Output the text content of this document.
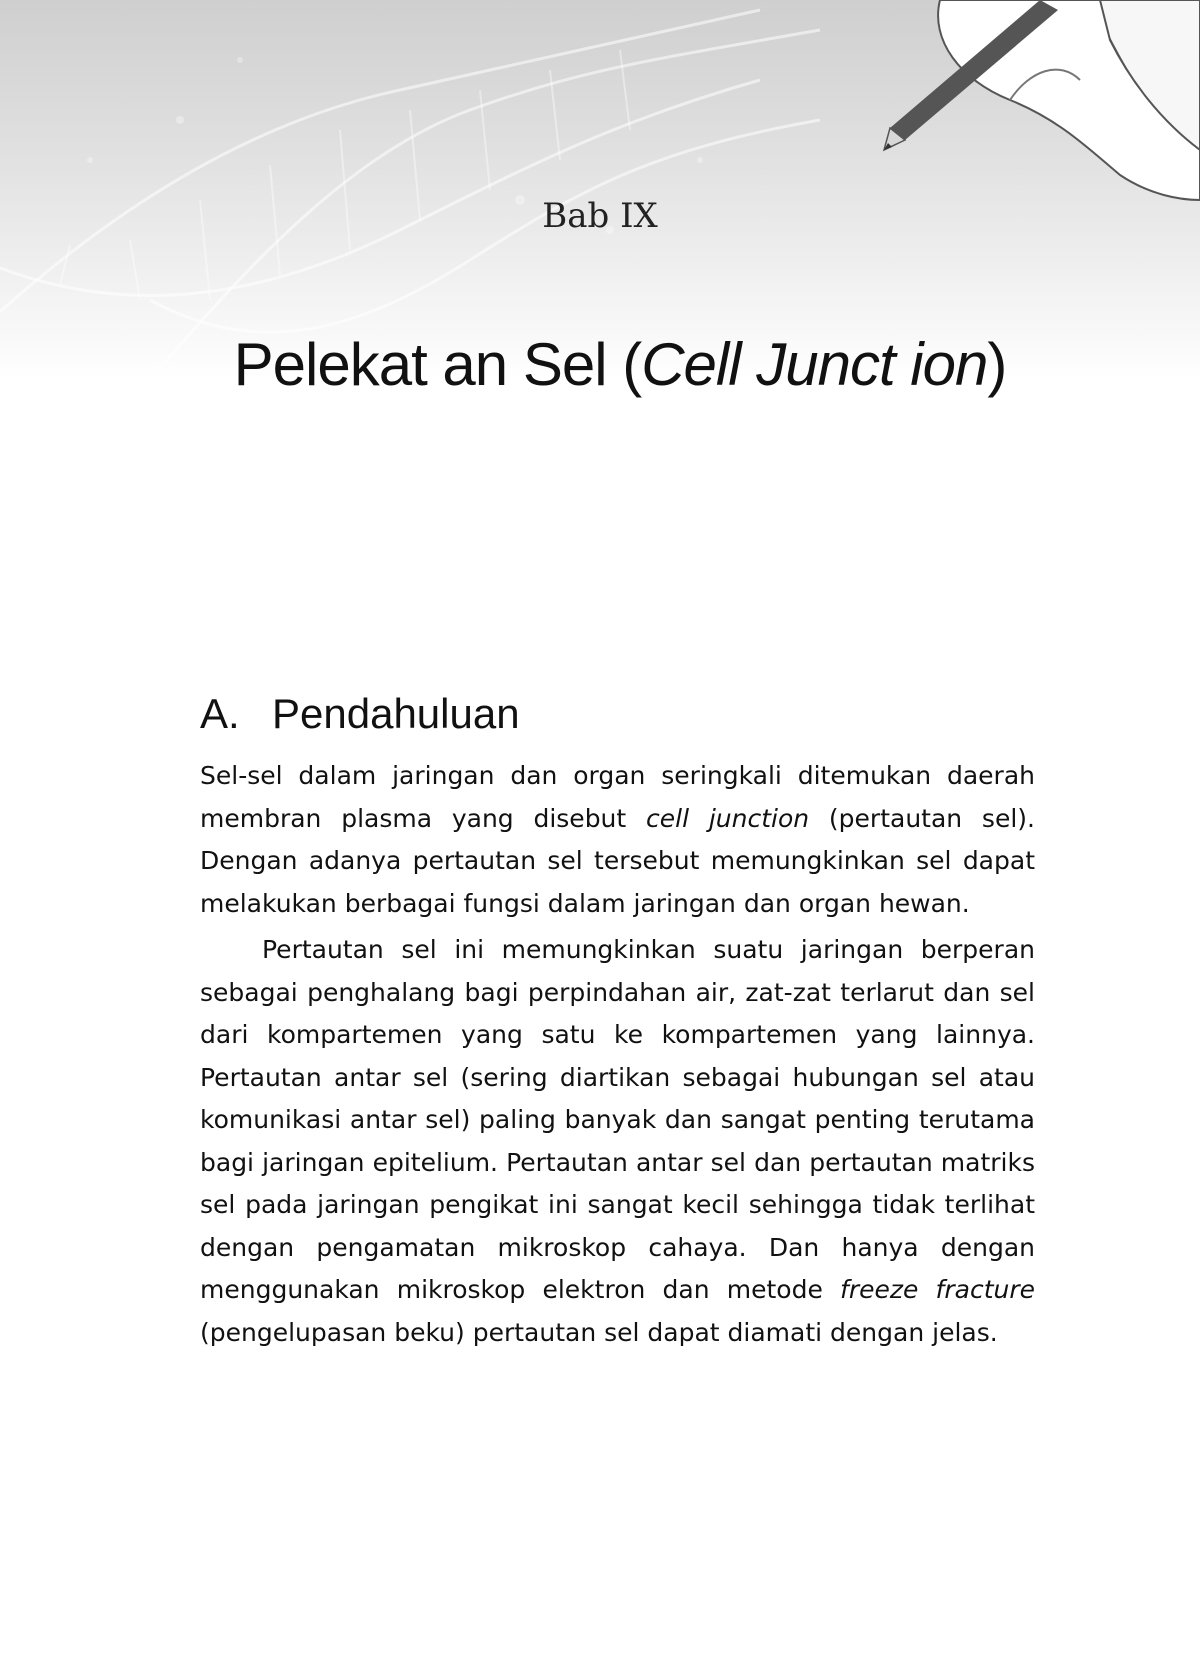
Bab IX
Pelekat an Sel (Cell Junct ion)
A. Pendahuluan

Sel-sel dalam jaringan dan organ seringkali ditemukan daerah membran plasma yang disebut cell junction (pertautan sel). Dengan adanya pertautan sel tersebut memungkinkan sel dapat melakukan berbagai fungsi dalam jaringan dan organ hewan.

Pertautan sel ini memungkinkan suatu jaringan berperan sebagai penghalang bagi perpindahan air, zat-zat terlarut dan sel dari kompartemen yang satu ke kompartemen yang lainnya. Pertautan antar sel (sering diartikan sebagai hubungan sel atau komunikasi antar sel) paling banyak dan sangat penting terutama bagi jaringan epitelium. Pertautan antar sel dan pertautan matriks sel pada jaringan pengikat ini sangat kecil sehingga tidak terlihat dengan pengamatan mikroskop cahaya. Dan hanya dengan menggunakan mikroskop elektron dan metode freeze fracture (pengelupasan beku) pertautan sel dapat diamati dengan jelas.
